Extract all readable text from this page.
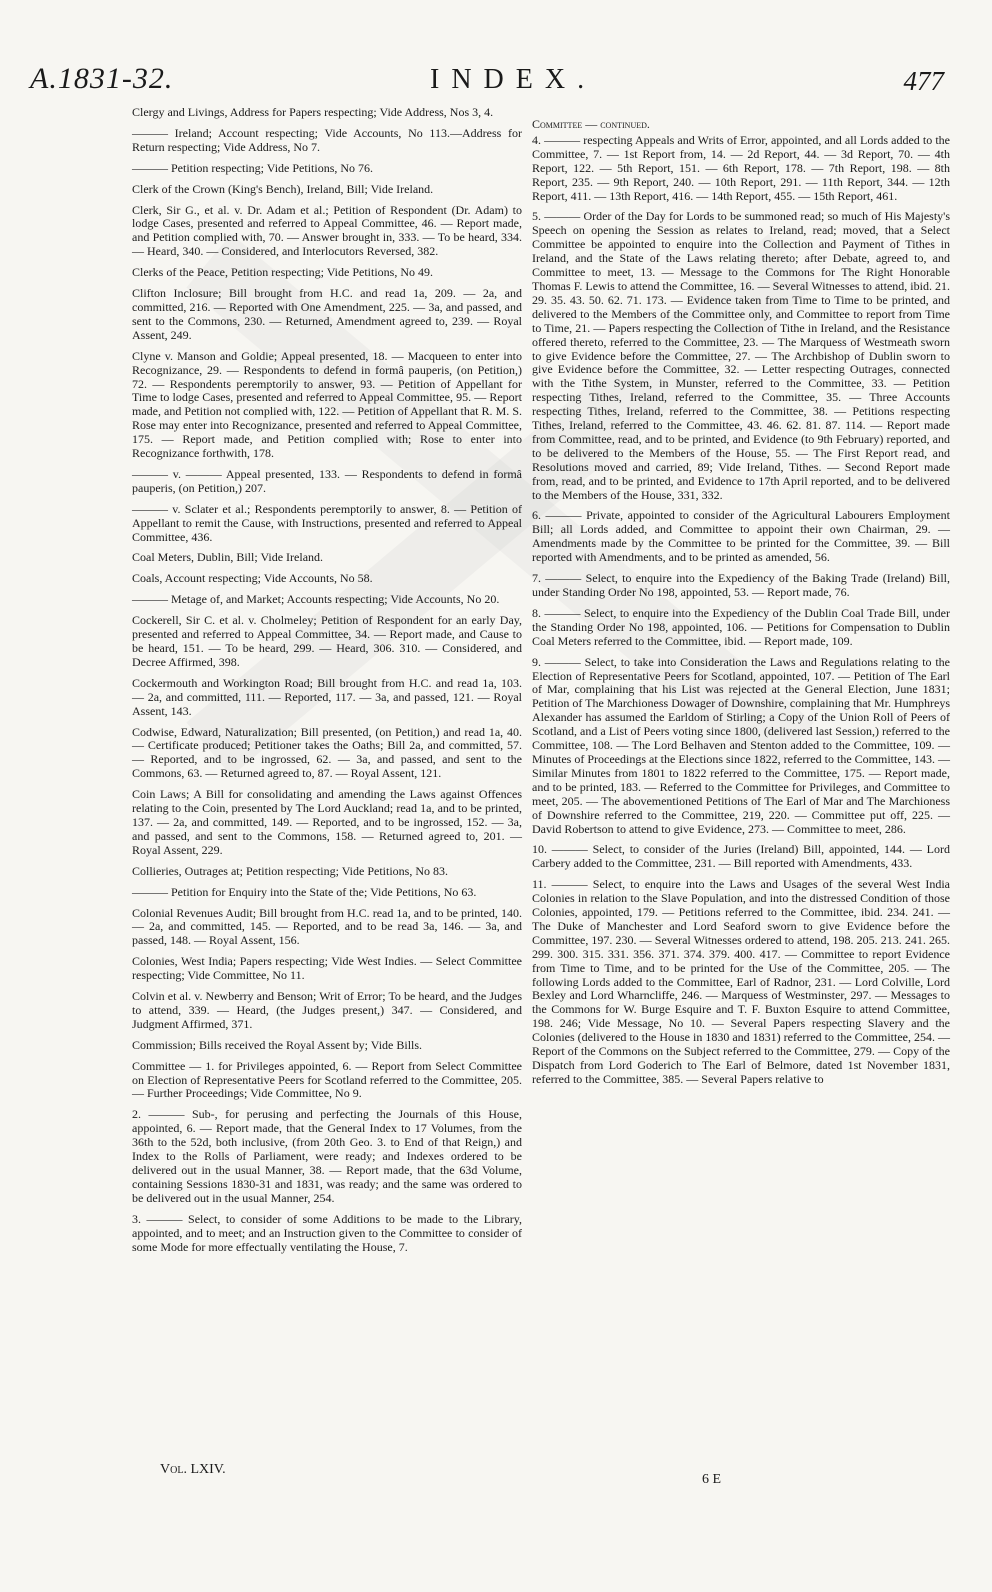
A.1831-32.	INDEX.	477

Clergy and Livings, Address for Papers respecting; Vide Address, Nos 3, 4.

——— Ireland; Account respecting; Vide Accounts, No 113.—Address for Return respecting; Vide Address, No 7.

——— Petition respecting; Vide Petitions, No 76.

Clerk of the Crown (King's Bench), Ireland, Bill; Vide Ireland.

Clerk, Sir G., et al. v. Dr. Adam et al.; Petition of Respondent (Dr. Adam) to lodge Cases, presented and referred to Appeal Committee, 46. — Report made, and Petition complied with, 70. — Answer brought in, 333. — To be heard, 334. — Heard, 340. — Considered, and Interlocutors Reversed, 382.

Clerks of the Peace, Petition respecting; Vide Petitions, No 49.

Clifton Inclosure; Bill brought from H.C. and read 1a, 209. — 2a, and committed, 216. — Reported with One Amendment, 225. — 3a, and passed, and sent to the Commons, 230. — Returned, Amendment agreed to, 239. — Royal Assent, 249.

Clyne v. Manson and Goldie; Appeal presented, 18. — Macqueen to enter into Recognizance, 29. — Respondents to defend in formâ pauperis, (on Petition,) 72. — Respondents peremptorily to answer, 93. — Petition of Appellant for Time to lodge Cases, presented and referred to Appeal Committee, 95. — Report made, and Petition not complied with, 122. — Petition of Appellant that R. M. S. Rose may enter into Recognizance, presented and referred to Appeal Committee, 175. — Report made, and Petition complied with; Rose to enter into Recognizance forthwith, 178.

——— v. ——— Appeal presented, 133. — Respondents to defend in formâ pauperis, (on Petition,) 207.

——— v. Sclater et al.; Respondents peremptorily to answer, 8. — Petition of Appellant to remit the Cause, with Instructions, presented and referred to Appeal Committee, 436.

Coal Meters, Dublin, Bill; Vide Ireland.

Coals, Account respecting; Vide Accounts, No 58.

——— Metage of, and Market; Accounts respecting; Vide Accounts, No 20.

Cockerell, Sir C. et al. v. Cholmeley; Petition of Respondent for an early Day, presented and referred to Appeal Committee, 34. — Report made, and Cause to be heard, 151. — To be heard, 299. — Heard, 306. 310. — Considered, and Decree Affirmed, 398.

Cockermouth and Workington Road; Bill brought from H.C. and read 1a, 103. — 2a, and committed, 111. — Reported, 117. — 3a, and passed, 121. — Royal Assent, 143.

Codwise, Edward, Naturalization; Bill presented, (on Petition,) and read 1a, 40. — Certificate produced; Petitioner takes the Oaths; Bill 2a, and committed, 57. — Reported, and to be ingrossed, 62. — 3a, and passed, and sent to the Commons, 63. — Returned agreed to, 87. — Royal Assent, 121.

Coin Laws; A Bill for consolidating and amending the Laws against Offences relating to the Coin, presented by The Lord Auckland; read 1a, and to be printed, 137. — 2a, and committed, 149. — Reported, and to be ingrossed, 152. — 3a, and passed, and sent to the Commons, 158. — Returned agreed to, 201. — Royal Assent, 229.

Collieries, Outrages at; Petition respecting; Vide Petitions, No 83.

——— Petition for Enquiry into the State of the; Vide Petitions, No 63.

Colonial Revenues Audit; Bill brought from H.C. read 1a, and to be printed, 140. — 2a, and committed, 145. — Reported, and to be read 3a, 146. — 3a, and passed, 148. — Royal Assent, 156.

Colonies, West India; Papers respecting; Vide West Indies. — Select Committee respecting; Vide Committee, No 11.

Colvin et al. v. Newberry and Benson; Writ of Error; To be heard, and the Judges to attend, 339. — Heard, (the Judges present,) 347. — Considered, and Judgment Affirmed, 371.

Commission; Bills received the Royal Assent by; Vide Bills.

Committee — 1. for Privileges appointed, 6. — Report from Select Committee on Election of Representative Peers for Scotland referred to the Committee, 205. — Further Proceedings; Vide Committee, No 9.

2. ——— Sub-, for perusing and perfecting the Journals of this House, appointed, 6. — Report made, that the General Index to 17 Volumes, from the 36th to the 52d, both inclusive, (from 20th Geo. 3. to End of that Reign,) and Index to the Rolls of Parliament, were ready; and Indexes ordered to be delivered out in the usual Manner, 38. — Report made, that the 63d Volume, containing Sessions 1830-31 and 1831, was ready; and the same was ordered to be delivered out in the usual Manner, 254.

3. ——— Select, to consider of some Additions to be made to the Library, appointed, and to meet; and an Instruction given to the Committee to consider of some Mode for more effectually ventilating the House, 7.

Committee — continued.

4. ——— respecting Appeals and Writs of Error, appointed, and all Lords added to the Committee, 7. — 1st Report from, 14. — 2d Report, 44. — 3d Report, 70. — 4th Report, 122. — 5th Report, 151. — 6th Report, 178. — 7th Report, 198. — 8th Report, 235. — 9th Report, 240. — 10th Report, 291. — 11th Report, 344. — 12th Report, 411. — 13th Report, 416. — 14th Report, 455. — 15th Report, 461.

5. ——— Order of the Day for Lords to be summoned read; so much of His Majesty's Speech on opening the Session as relates to Ireland, read; moved, that a Select Committee be appointed to enquire into the Collection and Payment of Tithes in Ireland, and the State of the Laws relating thereto; after Debate, agreed to, and Committee to meet, 13. — Message to the Commons for The Right Honorable Thomas F. Lewis to attend the Committee, 16. — Several Witnesses to attend, ibid. 21. 29. 35. 43. 50. 62. 71. 173. — Evidence taken from Time to Time to be printed, and delivered to the Members of the Committee only, and Committee to report from Time to Time, 21. — Papers respecting the Collection of Tithe in Ireland, and the Resistance offered thereto, referred to the Committee, 23. — The Marquess of Westmeath sworn to give Evidence before the Committee, 27. — The Archbishop of Dublin sworn to give Evidence before the Committee, 32. — Letter respecting Outrages, connected with the Tithe System, in Munster, referred to the Committee, 33. — Petition respecting Tithes, Ireland, referred to the Committee, 35. — Three Accounts respecting Tithes, Ireland, referred to the Committee, 38. — Petitions respecting Tithes, Ireland, referred to the Committee, 43. 46. 62. 81. 87. 114. — Report made from Committee, read, and to be printed, and Evidence (to 9th February) reported, and to be delivered to the Members of the House, 55. — The First Report read, and Resolutions moved and carried, 89; Vide Ireland, Tithes. — Second Report made from, read, and to be printed, and Evidence to 17th April reported, and to be delivered to the Members of the House, 331, 332.

6. ——— Private, appointed to consider of the Agricultural Labourers Employment Bill; all Lords added, and Committee to appoint their own Chairman, 29. — Amendments made by the Committee to be printed for the Committee, 39. — Bill reported with Amendments, and to be printed as amended, 56.

7. ——— Select, to enquire into the Expediency of the Baking Trade (Ireland) Bill, under Standing Order No 198, appointed, 53. — Report made, 76.

8. ——— Select, to enquire into the Expediency of the Dublin Coal Trade Bill, under the Standing Order No 198, appointed, 106. — Petitions for Compensation to Dublin Coal Meters referred to the Committee, ibid. — Report made, 109.

9. ——— Select, to take into Consideration the Laws and Regulations relating to the Election of Representative Peers for Scotland, appointed, 107. — Petition of The Earl of Mar, complaining that his List was rejected at the General Election, June 1831; Petition of The Marchioness Dowager of Downshire, complaining that Mr. Humphreys Alexander has assumed the Earldom of Stirling; a Copy of the Union Roll of Peers of Scotland, and a List of Peers voting since 1800, (delivered last Session,) referred to the Committee, 108. — The Lord Belhaven and Stenton added to the Committee, 109. — Minutes of Proceedings at the Elections since 1822, referred to the Committee, 143. — Similar Minutes from 1801 to 1822 referred to the Committee, 175. — Report made, and to be printed, 183. — Referred to the Committee for Privileges, and Committee to meet, 205. — The abovementioned Petitions of The Earl of Mar and The Marchioness of Downshire referred to the Committee, 219, 220. — Committee put off, 225. — David Robertson to attend to give Evidence, 273. — Committee to meet, 286.

10. ——— Select, to consider of the Juries (Ireland) Bill, appointed, 144. — Lord Carbery added to the Committee, 231. — Bill reported with Amendments, 433.

11. ——— Select, to enquire into the Laws and Usages of the several West India Colonies in relation to the Slave Population, and into the distressed Condition of those Colonies, appointed, 179. — Petitions referred to the Committee, ibid. 234. 241. — The Duke of Manchester and Lord Seaford sworn to give Evidence before the Committee, 197. 230. — Several Witnesses ordered to attend, 198. 205. 213. 241. 265. 299. 300. 315. 331. 356. 371. 374. 379. 400. 417. — Committee to report Evidence from Time to Time, and to be printed for the Use of the Committee, 205. — The following Lords added to the Committee, Earl of Radnor, 231. — Lord Colville, Lord Bexley and Lord Wharncliffe, 246. — Marquess of Westminster, 297. — Messages to the Commons for W. Burge Esquire and T. F. Buxton Esquire to attend Committee, 198. 246; Vide Message, No 10. — Several Papers respecting Slavery and the Colonies (delivered to the House in 1830 and 1831) referred to the Committee, 254. — Report of the Commons on the Subject referred to the Committee, 279. — Copy of the Dispatch from Lord Goderich to The Earl of Belmore, dated 1st November 1831, referred to the Committee, 385. — Several Papers relative to

Vol. LXIV.
6 E
